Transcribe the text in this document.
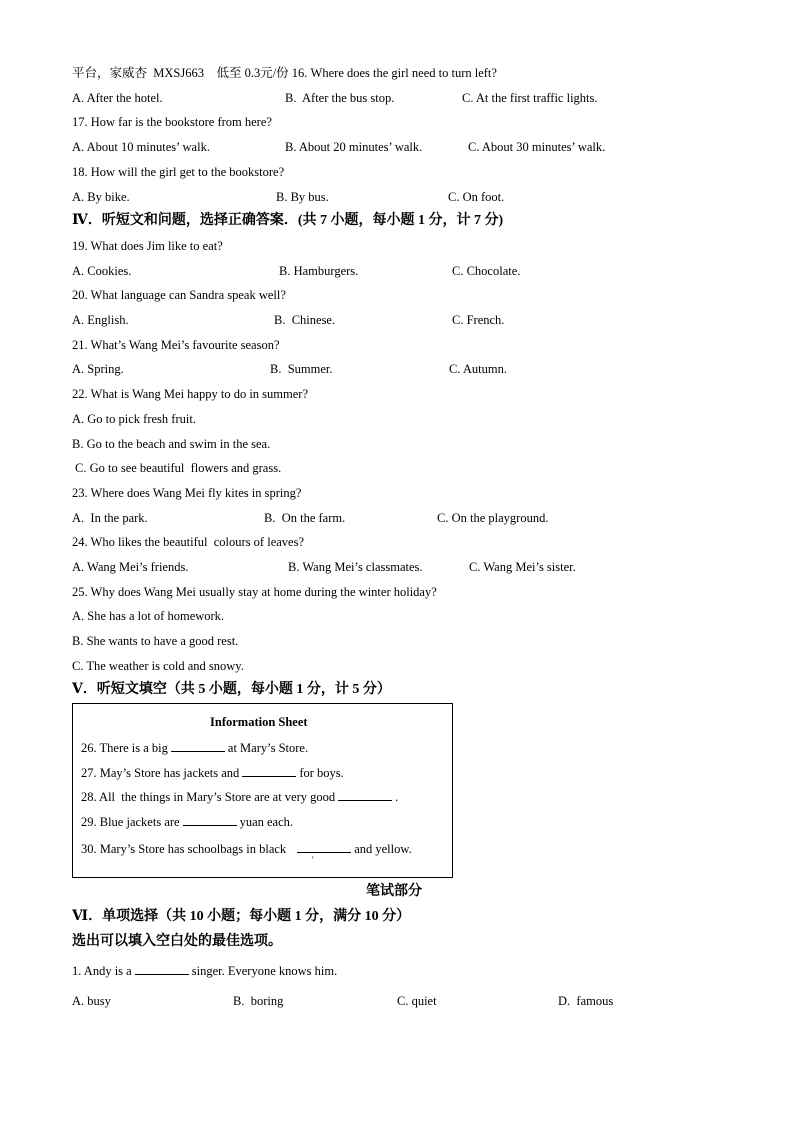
平台，家威杏  MXSJ663    低至 0.3元/份 16. Where does the girl need to turn left?
A. After the hotel.	B.  After the bus stop.	C. At the first traffic lights.
17. How far is the bookstore from here?
A. About 10 minutes’ walk.	B. About 20 minutes’ walk.	C. About 30 minutes’ walk.
18. How will the girl get to the bookstore?
A. By bike.	B. By bus.	C. On foot.
Ⅳ．听短文和问题，选择正确答案．(共 7 小题，每小题 1 分，计 7 分)
19. What does Jim like to eat?
A. Cookies.	B. Hamburgers.	C. Chocolate.
20. What language can Sandra speak well?
A. English.	B.  Chinese.	C. French.
21. What’s Wang Mei’s favourite season?
A. Spring.	B.  Summer.	C. Autumn.
22. What is Wang Mei happy to do in summer?
A. Go to pick fresh fruit.
B. Go to the beach and swim in the sea.
C. Go to see beautiful  flowers and grass.
23. Where does Wang Mei fly kites in spring?
A.  In the park.	B.  On the farm.	C. On the playground.
24. Who likes the beautiful  colours of leaves?
A. Wang Mei’s friends.	B. Wang Mei’s classmates.	C. Wang Mei’s sister.
25. Why does Wang Mei usually stay at home during the winter holiday?
A. She has a lot of homework.
B. She wants to have a good rest.
C. The weather is cold and snowy.
Ⅴ．听短文填空（共 5 小题，每小题 1 分，计 5 分）
Information Sheet
26. There is a big	at Mary’s Store.
27. May’s Store has jackets and	for boys.
28. All  the things in Mary’s Store are at very good	.
29. Blue jackets are	yuan each.
30. Mary’s Store has schoolbags in black	and yellow.
'
笔试部分
Ⅵ．单项选择（共 10 小题；每小题 1 分，满分 10 分）
选出可以填入空白处的最佳选项。
1. Andy is a	singer. Everyone knows him.
A. busy	B.  boring	C. quiet	D.  famous
